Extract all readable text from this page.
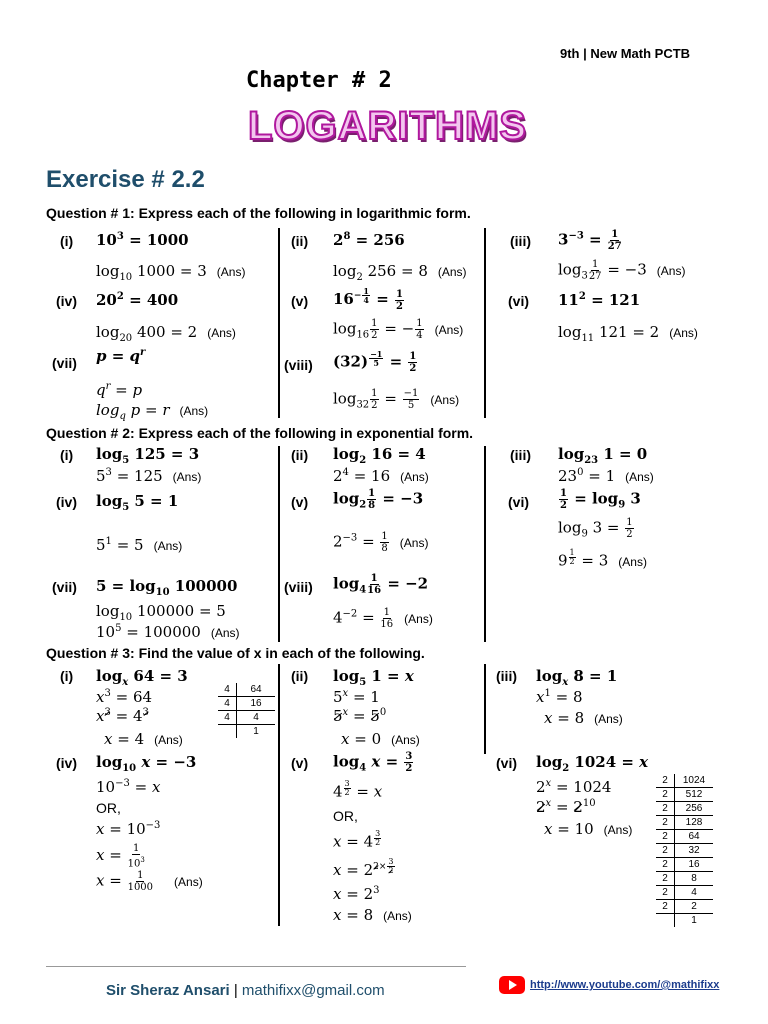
9th | New Math PCTB
Chapter # 2
LOGARITHMS
Exercise # 2.2
Question # 1: Express each of the following in logarithmic form.
(i) $10^3 = 1000$
$\log_{10} 1000 = 3$ (Ans)
(ii) $2^8 = 256$
$\log_2 256 = 8$ (Ans)
(iii) $3^{-3} = \frac{1}{27}$
$\log_3 \frac{1}{27} = -3$ (Ans)
(iv) $20^2 = 400$
$\log_{20} 400 = 2$ (Ans)
(v) $16^{- \frac{1}{4}} = \frac{1}{2}$
$\log_{16} \frac{1}{2}$ = − $\frac{1}{4} (Ans)$
(vi) $11^2 = 121$
$\log_{11} 121 = 2$ (Ans)
(vii) $p = q^r$
$q^r = p$
$\log_q p = r$ (Ans)
(viii) (32) $^{\frac{-1}{5}} = \frac{1}{2}$
$\log_{32} \frac{1}{2} = \frac{-1}{5} (Ans)$
Question # 2: Express each of the following in exponential form.
(i) $\log_5 125 = 3$
$5^3 = 125$ (Ans)
(ii) $\log_2 16 = 4$
$2^4 = 16$ (Ans)
(iii) $\log_{23} 1 = 0$
$23^0 = 1$ (Ans)
(iv) $\log_5 5 = 1$
$5^1 = 5$ (Ans)
(v) $\log_2 \frac{1}{8} = -3$
$2^{-3} = \frac{1}{8} (Ans)$
(vi)	$\frac{1}{2} = \log_9 3$
$\log_9 3 = \frac{1}{2}$
9 $^{\frac{1}{2}}$ = 3 (Ans)
(vii) $5 = \log_{10} 100000$
$\log_{10} 100000 = 5$
$10^5 = 100000$ (Ans)
(viii) $\log_4 \frac{1}{16} = -2$
$4^{-2} = \frac{1}{16} (Ans)$
Question # 3: Find the value of x in each of the following.
(i) $\log_x 64 = 3$
$x^3 = 64$
$x^3 = 4^3$
x = 4 (Ans)
4	64
4	16
4	4
	1
(ii) $\log_5 1 = x$
$5^x = 1$
$5^x = 5^0$
x = 0 (Ans)
(iii) $\log_x 8 = 1$
$x^1 = 8$
x = 8 (Ans)
(iv) $\log_{10} x = -3$
$10^{-3} = x$
OR,
$x = 10^{-3}$
$x = \frac{1}{10^3}$
$x = \frac{1}{1000} (Ans)$
(v) $\log_4 x = \frac{3}{2}$
4 $^{\frac{3}{2}}$ = x
OR,
x = 4 $^{\frac{3}{2}}$
$x = 2^{2\times \frac{3}{2}}$
$x = 2^3$
x = 8 (Ans)
(vi) $\log_2 1024 = x$
$2^x = 1024$
$2^x = 2^{10}$
x = 10 (Ans)
2	1024
2	512
2	256
2	128
2	64
2	32
2	16
2	8
2	4
2	2
	1
Sir Sheraz Ansari | mathifixx@gmail.com	http://www.youtube.com/@mathifixx
